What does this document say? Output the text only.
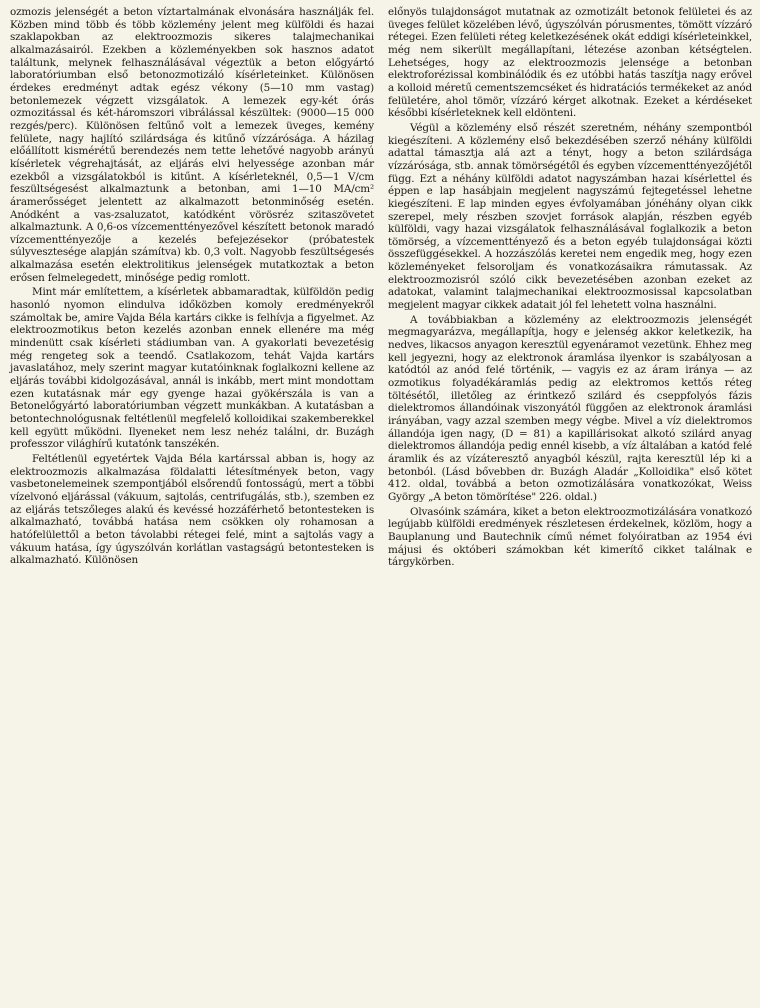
ozmozis jelenségét a beton víztartalmának elvonására használják fel. Közben mind több és több közlemény jelent meg külföldi és hazai szaklapokban az elektroozmozis sikeres talajmechanikai alkalmazásairól. Ezekben a közleményekben sok hasznos adatot találtunk, melynek felhasználásával végeztük a beton előgyártó laboratóriumban első betonozmotizáló kísérleteinket. Különösen érdekes eredményt adtak egész vékony (5—10 mm vastag) betonlemezek végzett vizsgálatok. A lemezek egy-két órás ozmozitással és két-háromszori vibrálással készültek: (9000—15 000 rezgés/perc). Különösen feltűnő volt a lemezek üveges, kemény felülete, nagy hajlító szilárdsága és kitűnő vízzárósága. A házilag előállított kismérétű berendezés nem tette lehetővé nagyobb arányú kísérletek végrehajtását, az eljárás elvi helyessége azonban már ezekből a vizsgálatokból is kitűnt. A kísérleteknél, 0,5—1 V/cm feszültségesést alkalmaztunk a betonban, ami 1—10 MA/cm² áramerősséget jelentett az alkalmazott betonminőség esetén. Anódként a vas-zsaluzatot, katódként vörösréz szitaszövetet alkalmaztunk. A 0,6-os vízcementtényezővel készített betonok maradó vízcementtényezője a kezelés befejezésekor (próbatestek súlyvesztesége alapján számítva) kb. 0,3 volt. Nagyobb feszültségesés alkalmazása esetén elektrolitikus jelenségek mutatkoztak a beton erősen felmelegedett, minősége pedig romlott.

Mint már említettem, a kísérletek abbamaradtak, külföldön pedig hasonló nyomon elindulva időközben komoly eredményekről számoltak be, amire Vajda Béla kartárs cikke is felhívja a figyelmet. Az elektroozmotikus beton kezelés azonban ennek ellenére ma még mindenütt csak kísérleti stádiumban van. A gyakorlati bevezetésig még rengeteg sok a teendő. Csatlakozom, tehát Vajda kartárs javaslatához, mely szerint magyar kutatóinknak foglalkozni kellene az eljárás további kidolgozásával, annál is inkább, mert mint mondottam ezen kutatásnak már egy gyenge hazai gyökérszála is van a Betonelőgyártó laboratóriumban végzett munkákban. A kutatásban a betontechnológusnak feltétlenül megfelelő kolloidikai szakemberekkel kell együtt működni. Ilyeneket nem lesz nehéz találni, dr. Buzágh professzor világhírű kutatónk tanszékén.

Feltétlenül egyetértek Vajda Béla kartárssal abban is, hogy az elektroozmozis alkalmazása földalatti létesítmények beton, vagy vasbetonelemeinek szempontjából elsőrendű fontosságú, mert a többi vízelvonó eljárással (vákuum, sajtolás, centrifugálás, stb.), szemben ez az eljárás tetszőleges alakú és kevéssé hozzáférhető betontesteken is alkalmazható, továbbá hatása nem csökken oly rohamosan a hatófelülettől a beton távolabbi rétegei felé, mint a sajtolás vagy a vákuum hatása, így úgyszólván korlátlan vastagságú betontesteken is alkalmazható. Különösen

előnyös tulajdonságot mutatnak az ozmotizált betonok felületei és az üveges felület közelében lévő, úgyszólván pórusmentes, tömött vízzáró rétegei. Ezen felületi réteg keletkezésének okát eddigi kísérleteinkkel, még nem sikerült megállapítani, létezése azonban kétségtelen. Lehetséges, hogy az elektroozmozis jelensége a betonban elektroforézissal kombinálódik és ez utóbbi hatás taszítja nagy erővel a kolloid méretű cementszemcséket és hidratációs termékeket az anód felületére, ahol tömör, vízzáró kérget alkotnak. Ezeket a kérdéseket későbbi kísérleteknek kell eldönteni.

Végül a közlemény első részét szeretném, néhány szempontból kiegészíteni. A közlemény első bekezdésében szerző néhány külföldi adattal támasztja alá azt a tényt, hogy a beton szilárdsága vízzárósága, stb. annak tömörségétől és egyben vízcementtényezőjétől függ. Ezt a néhány külföldi adatot nagyszámban hazai kísérlettel és éppen e lap hasábjain megjelent nagyszámú fejtegetéssel lehetne kiegészíteni. E lap minden egyes évfolyamában jónéhány olyan cikk szerepel, mely részben szovjet források alapján, részben egyéb külföldi, vagy hazai vizsgálatok felhasználásával foglalkozik a beton tömörség, a vízcementtényező és a beton egyéb tulajdonságai közti összefüggésekkel. A hozzászólás keretei nem engedik meg, hogy ezen közleményeket felsoroljam és vonatkozásaikra rámutassak. Az elektroozmozisról szóló cikk bevezetésében azonban ezeket az adatokat, valamint talajmechanikai elektroozmosissal kapcsolatban megjelent magyar cikkek adatait jól fel lehetett volna használni.

A továbbiakban a közlemény az elektroozmozis jelenségét megmagyarázva, megállapítja, hogy e jelenség akkor keletkezik, ha nedves, likacsos anyagon keresztül egyenáramot vezetünk. Ehhez meg kell jegyezni, hogy az elektronok áramlása ilyenkor is szabályosan a katódtól az anód felé történik, — vagyis ez az áram iránya — az ozmotikus folyadékáramlás pedig az elektromos kettős réteg töltésétől, illetőleg az érintkező szilárd és cseppfolyós fázis dielektromos állandóinak viszonyától függően az elektronok áramlási irányában, vagy azzal szemben megy végbe. Mivel a víz dielektromos állandója igen nagy, (D = 81) a kapillárisokat alkotó szilárd anyag dielektromos állandója pedig ennél kisebb, a víz általában a katód felé áramlik és az vízáteresztő anyagból készül, rajta keresztül lép ki a betonból. (Lásd bővebben dr. Buzágh Aladár „Kolloidika" első kötet 412. oldal, továbbá a beton ozmotizálására vonatkozókat, Weiss György „A beton tömörítése" 226. oldal.)

Olvasóink számára, kiket a beton elektroozmotizálására vonatkozó legújabb külföldi eredmények részletesen érdekelnek, közlöm, hogy a Bauplanung und Bautechnik című német folyóiratban az 1954 évi májusi és októberi számokban két kimerítő cikket találnak e tárgykörben.
